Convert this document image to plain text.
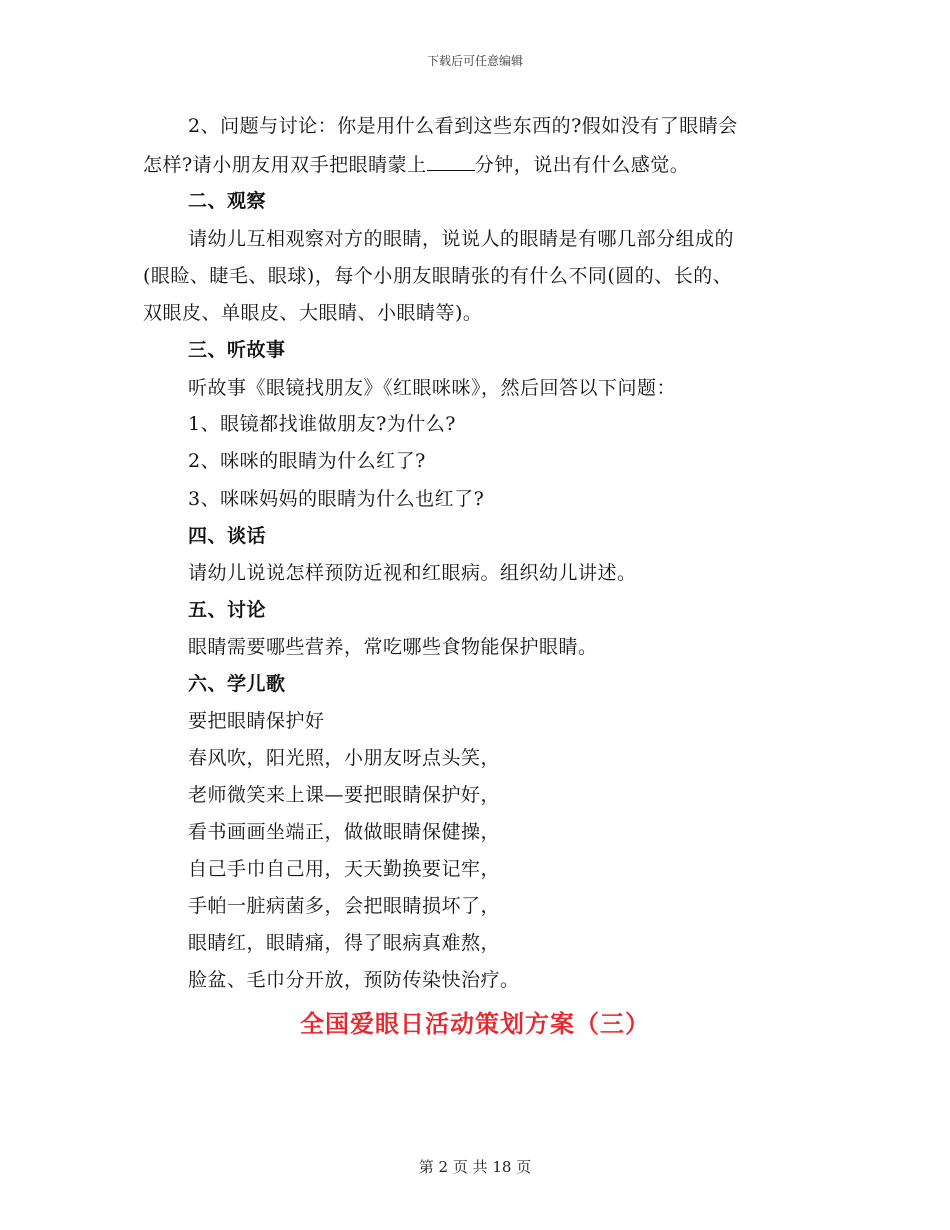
下载后可任意编辑
2、问题与讨论：你是用什么看到这些东西的?假如没有了眼睛会
怎样?请小朋友用双手把眼睛蒙上	分钟，说出有什么感觉。
二、观察
请幼儿互相观察对方的眼睛，说说人的眼睛是有哪几部分组成的
(眼睑、睫毛、眼球)，每个小朋友眼睛张的有什么不同(圆的、长的、
双眼皮、单眼皮、大眼睛、小眼睛等)。
三、听故事
听故事《眼镜找朋友》《红眼咪咪》，然后回答以下问题：
1、眼镜都找谁做朋友?为什么?
2、咪咪的眼睛为什么红了?
3、咪咪妈妈的眼睛为什么也红了?
四、谈话
请幼儿说说怎样预防近视和红眼病。组织幼儿讲述。
五、讨论
眼睛需要哪些营养，常吃哪些食物能保护眼睛。
六、学儿歌
要把眼睛保护好
春风吹，阳光照，小朋友呀点头笑，
老师微笑来上课—要把眼睛保护好，
看书画画坐端正，做做眼睛保健操，
自己手巾自己用，天天勤换要记牢，
手帕一脏病菌多，会把眼睛损坏了，
眼睛红，眼睛痛，得了眼病真难熬，
脸盆、毛巾分开放，预防传染快治疗。
全国爱眼日活动策划方案（三）
第 2 页 共 18 页
